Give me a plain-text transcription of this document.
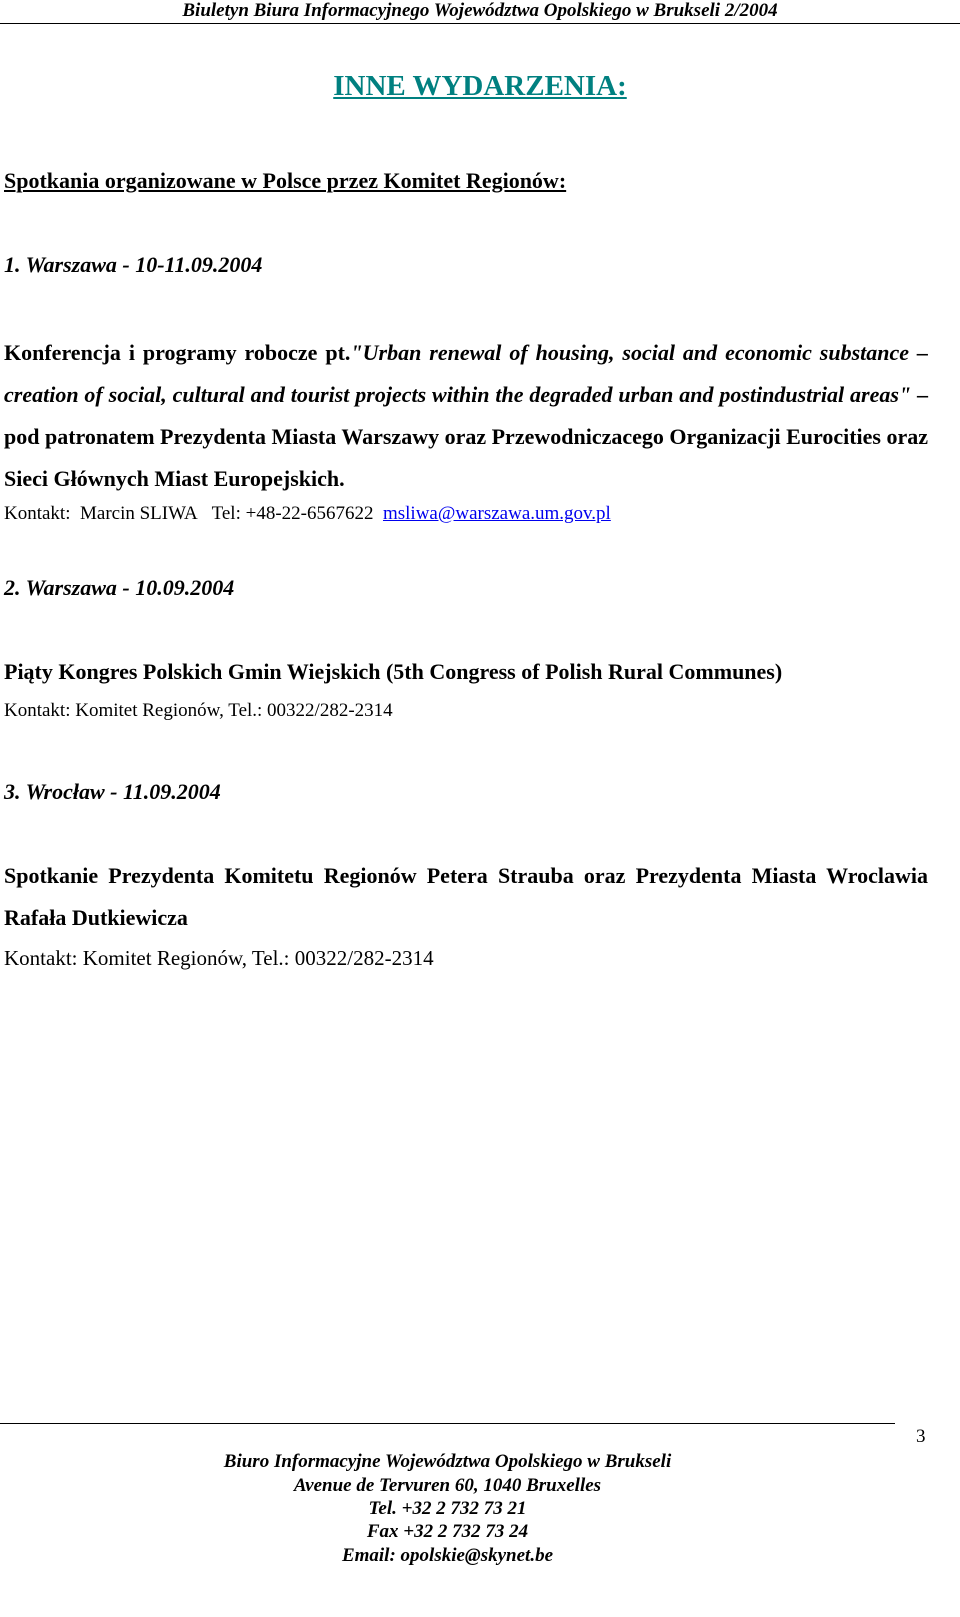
Biuletyn Biura Informacyjnego Województwa Opolskiego w Brukseli 2/2004
INNE WYDARZENIA:
Spotkania organizowane w Polsce przez Komitet Regionów:
1. Warszawa - 10-11.09.2004
Konferencja i programy robocze pt."Urban renewal of housing, social and economic substance – creation of social, cultural and tourist projects within the degraded urban and postindustrial areas" – pod patronatem Prezydenta Miasta Warszawy oraz Przewodniczacego Organizacji Eurocities oraz Sieci Głównych Miast Europejskich.
Kontakt: Marcin SLIWA Tel: +48-22-6567622 msliwa@warszawa.um.gov.pl
2. Warszawa - 10.09.2004
Piąty Kongres Polskich Gmin Wiejskich (5th Congress of Polish Rural Communes)
Kontakt: Komitet Regionów, Tel.: 00322/282-2314
3. Wrocław - 11.09.2004
Spotkanie Prezydenta Komitetu Regionów Petera Strauba oraz Prezydenta Miasta Wroclawia Rafała Dutkiewicza
Kontakt: Komitet Regionów, Tel.: 00322/282-2314
3
Biuro Informacyjne Województwa Opolskiego w Brukseli
Avenue de Tervuren 60, 1040 Bruxelles
Tel. +32 2 732 73 21
Fax +32 2 732 73 24
Email: opolskie@skynet.be
